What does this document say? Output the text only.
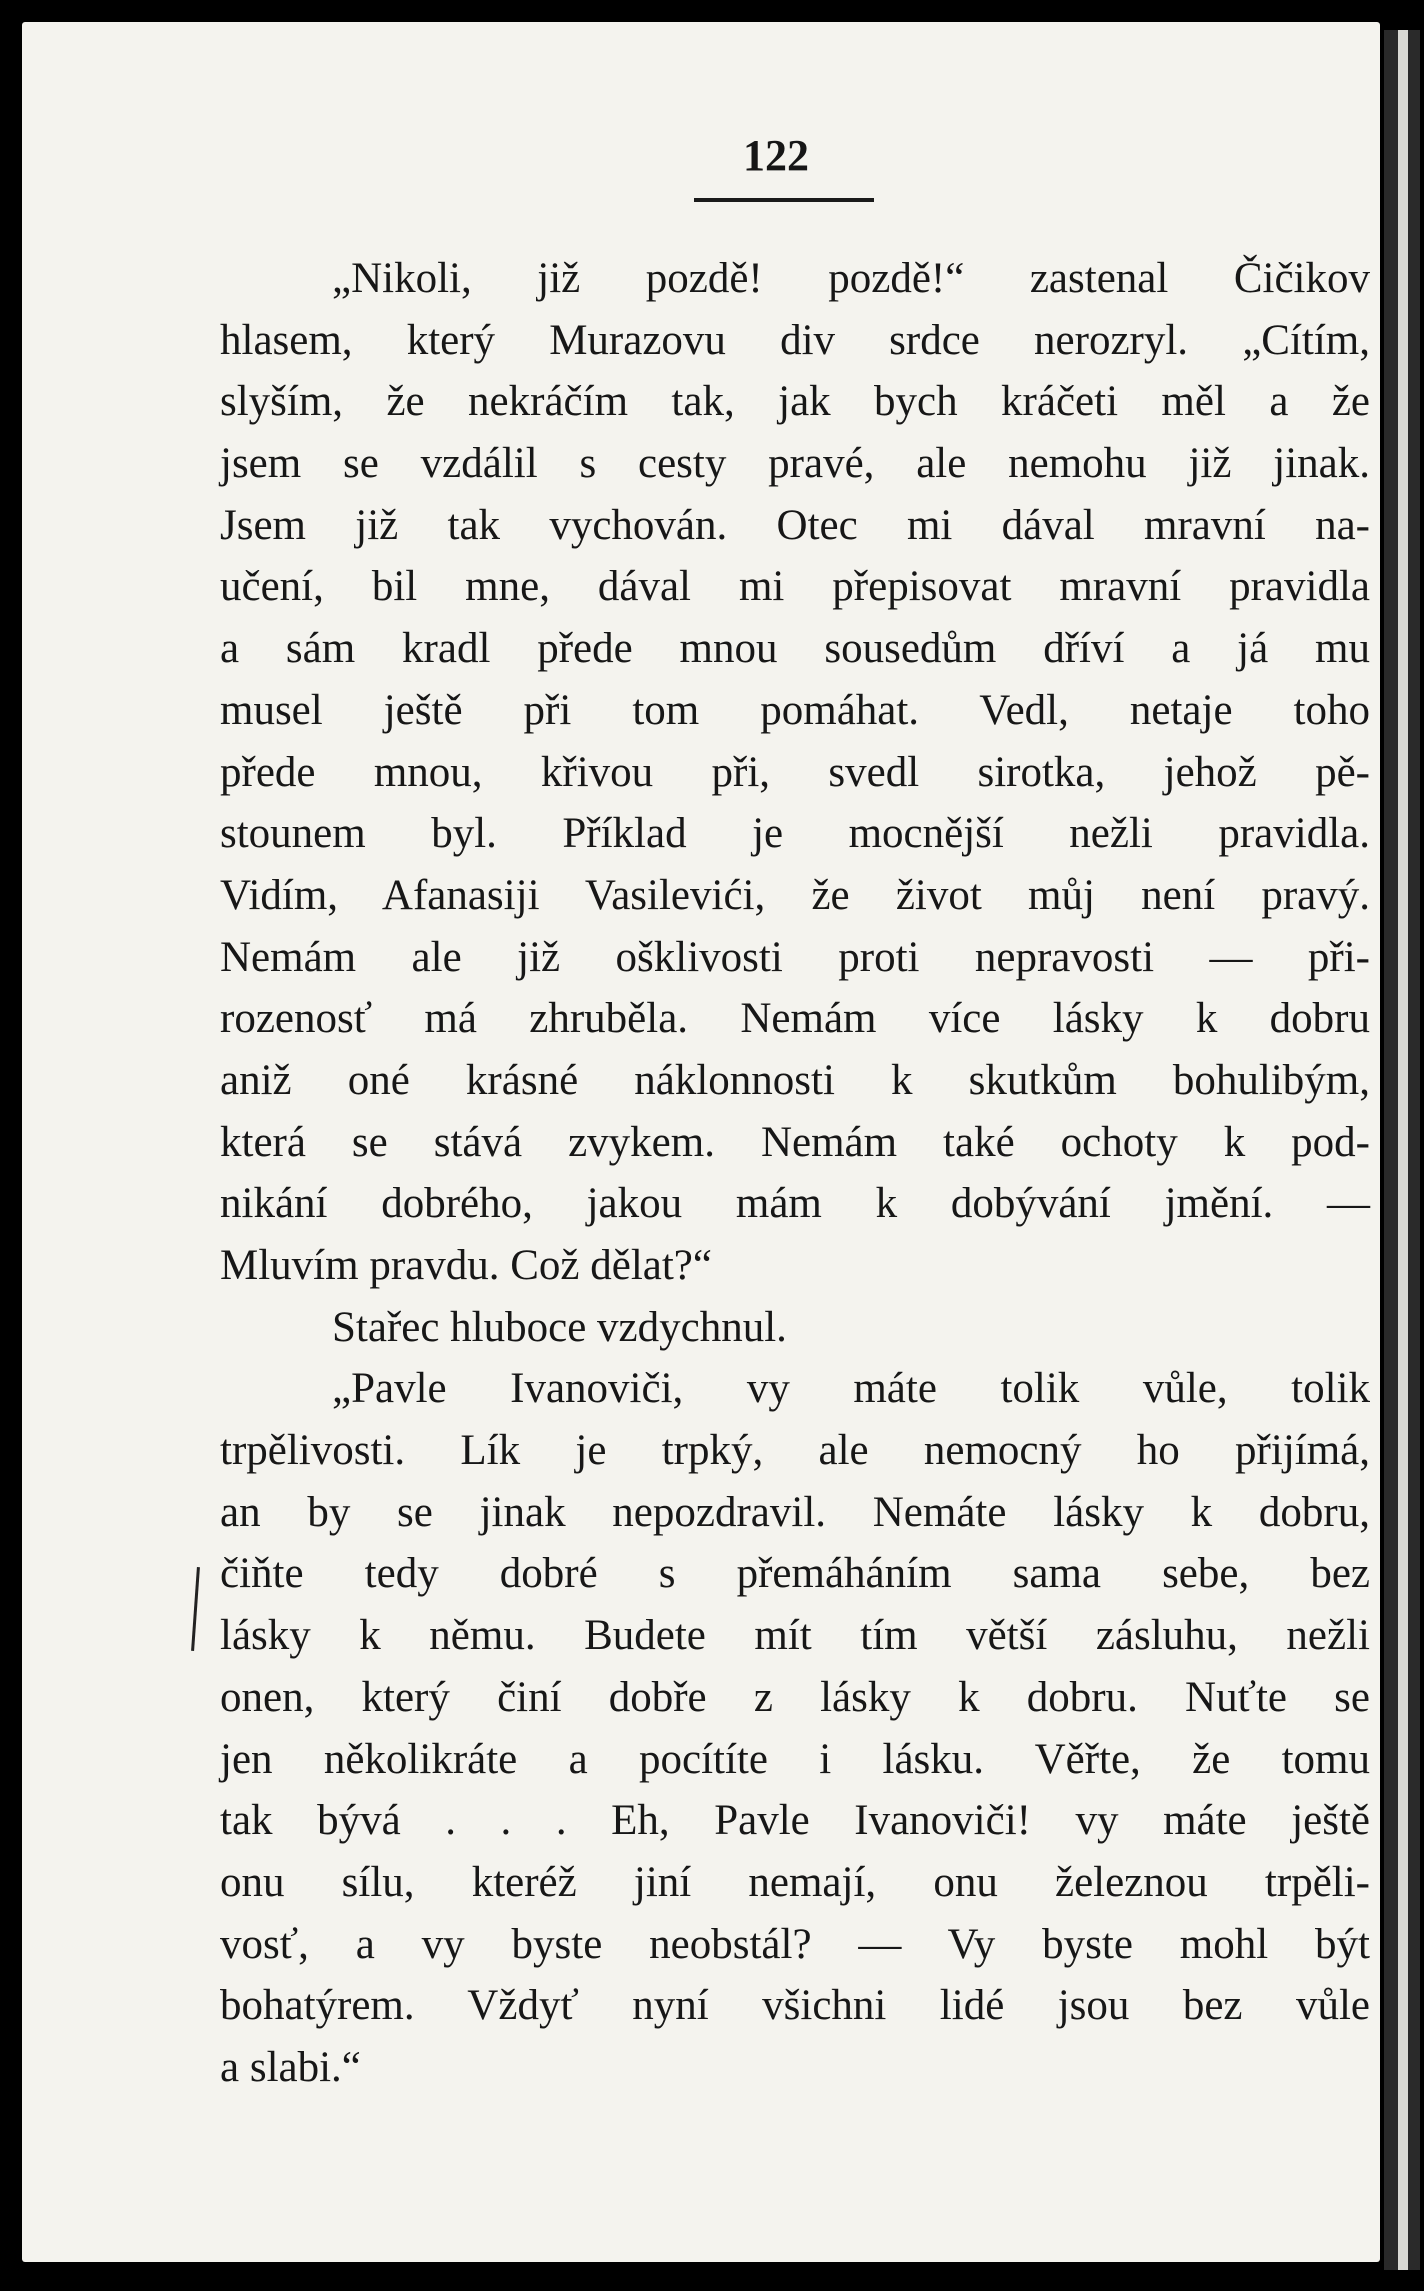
122
„Nikoli, již pozdě! pozdě!“ zastenal Čičikov
hlasem, který Murazovu div srdce nerozryl. „Cítím,
slyším, že nekráčím tak, jak bych kráčeti měl a že
jsem se vzdálil s cesty pravé, ale nemohu již jinak.
Jsem již tak vychován. Otec mi dával mravní na-
učení, bil mne, dával mi přepisovat mravní pravidla
a sám kradl přede mnou sousedům dříví a já mu
musel ještě při tom pomáhat. Vedl, netaje toho
přede mnou, křivou při, svedl sirotka, jehož pě-
stounem byl. Příklad je mocnější nežli pravidla.
Vidím, Afanasiji Vasilevići, že život můj není pravý.
Nemám ale již ošklivosti proti nepravosti — při-
rozenosť má zhruběla. Nemám více lásky k dobru
aniž oné krásné náklonnosti k skutkům bohulibým,
která se stává zvykem. Nemám také ochoty k pod-
nikání dobrého, jakou mám k dobývání jmění. —
Mluvím pravdu. Což dělat?“
Stařec hluboce vzdychnul.
„Pavle Ivanoviči, vy máte tolik vůle, tolik
trpělivosti. Lík je trpký, ale nemocný ho přijímá,
an by se jinak nepozdravil. Nemáte lásky k dobru,
čiňte tedy dobré s přemáháním sama sebe, bez
lásky k němu. Budete mít tím větší zásluhu, nežli
onen, který činí dobře z lásky k dobru. Nuťte se
jen několikráte a pocítíte i lásku. Věřte, že tomu
tak bývá . . . Eh, Pavle Ivanoviči! vy máte ještě
onu sílu, kteréž jiní nemají, onu železnou trpěli-
vosť, a vy byste neobstál? — Vy byste mohl být
bohatýrem. Vždyť nyní všichni lidé jsou bez vůle
a slabi.“
